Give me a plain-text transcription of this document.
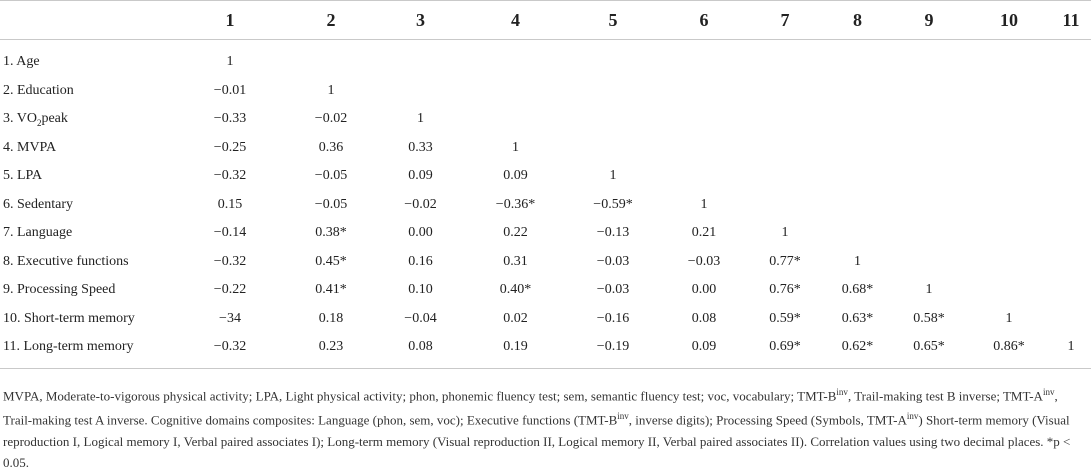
	1	2	3	4	5	6	7	8	9	10	11
1. Age	1										
2. Education	−0.01	1									
3. $VO_2peak$	−0.33	−0.02	1								
4. MVPA	−0.25	0.36	0.33	1							
5. LPA	−0.32	−0.05	0.09	0.09	1						
6. Sedentary	0.15	−0.05	−0.02	−0.36*	−0.59*	1					
7. Language	−0.14	0.38*	0.00	0.22	−0.13	0.21	1				
8. Executive functions	−0.32	0.45*	0.16	0.31	−0.03	−0.03	0.77*	1			
9. Processing Speed	−0.22	0.41*	0.10	0.40*	−0.03	0.00	0.76*	0.68*	1		
10. Short-term memory	−34	0.18	−0.04	0.02	−0.16	0.08	0.59*	0.63*	0.58*	1	
11. Long-term memory	−0.32	0.23	0.08	0.19	−0.19	0.09	0.69*	0.62*	0.65*	0.86*	1

MVPA, Moderate-to-vigorous physical activity; LPA, Light physical activity; phon, phonemic fluency test; sem, semantic fluency test; voc, vocabulary; TMT-$B^{inv}$, Trail-making test B inverse; TMT-$A^{inv}$, Trail-making test A inverse. Cognitive domains composites: Language (phon, sem, voc); Executive functions ($TMT-B^{inv}$, inverse digits); Processing Speed (Symbols, TMT-$A^{inv}$) Short-term memory (Visual reproduction I, Logical memory I, Verbal paired associates I); Long-term memory (Visual reproduction II, Logical memory II, Verbal paired associates II). Correlation values using two decimal places. *p < 0.05.
